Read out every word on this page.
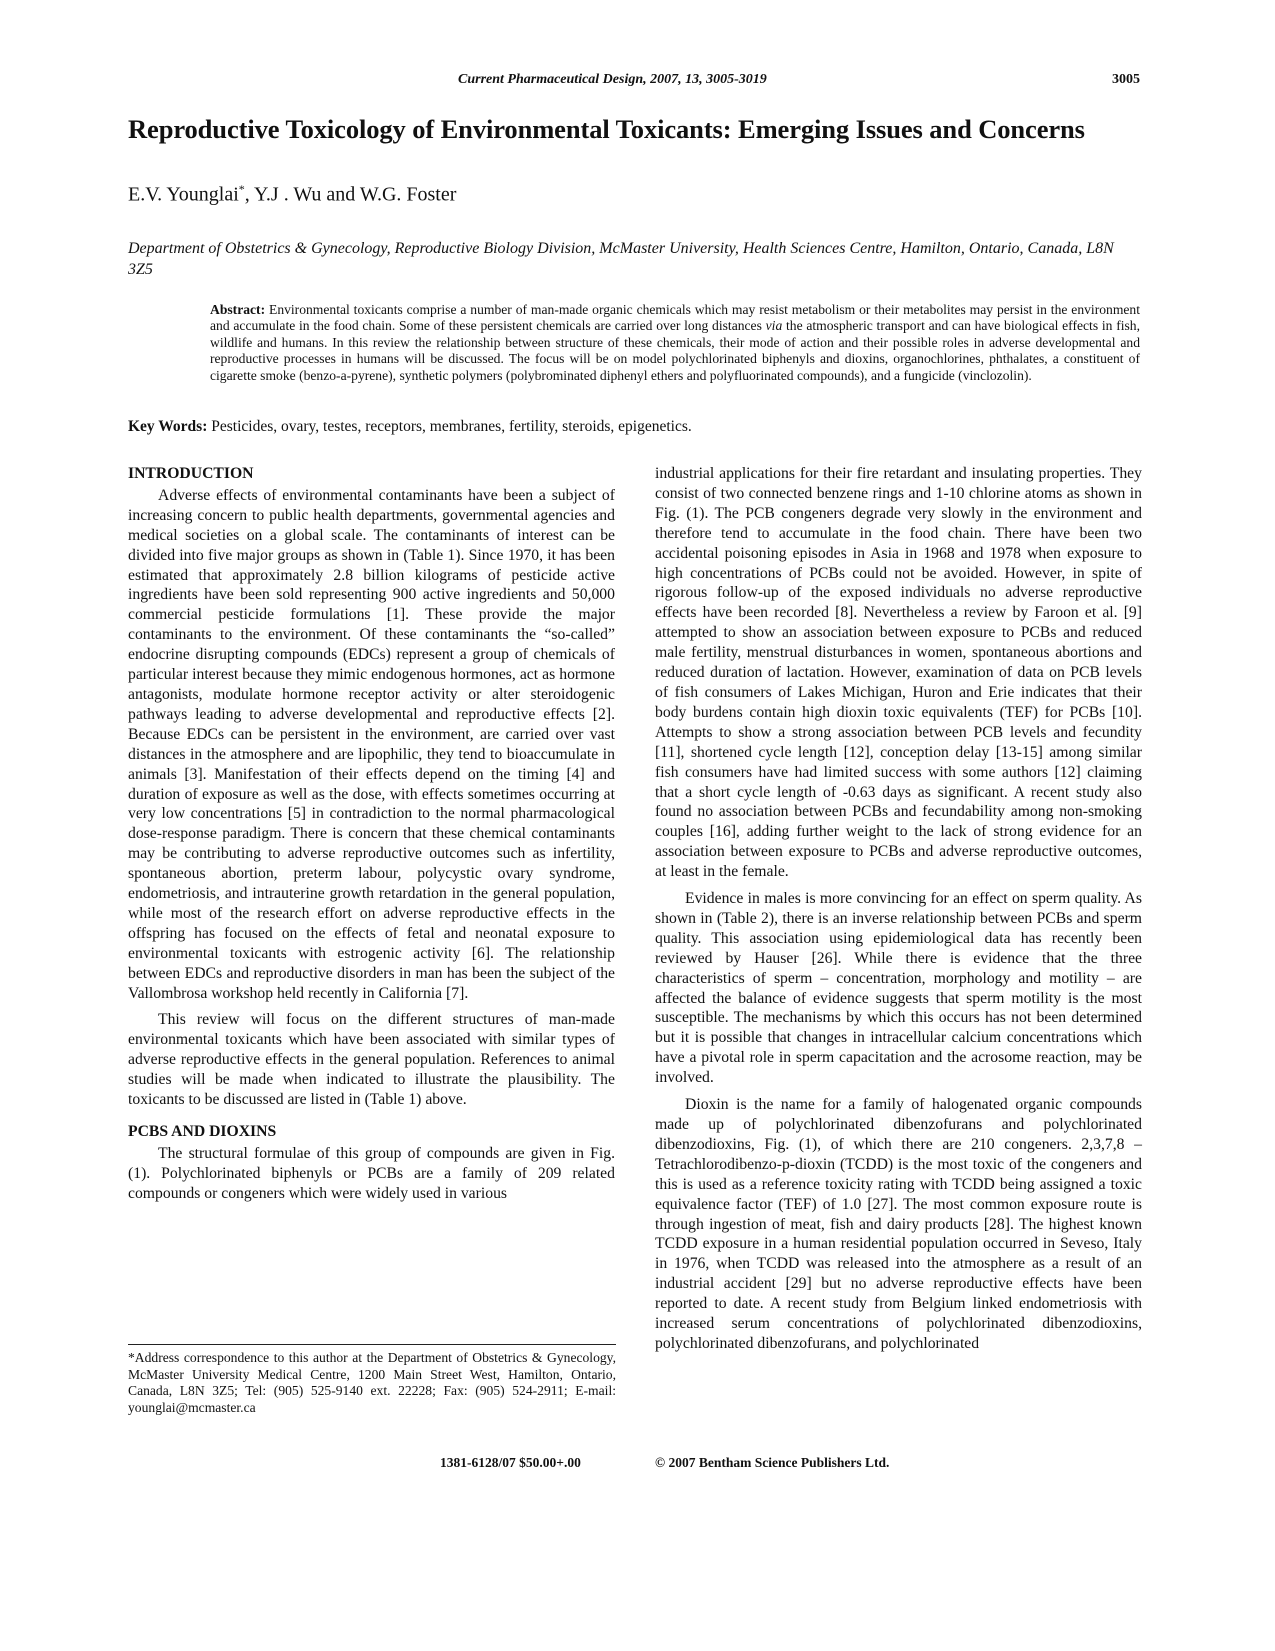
Current Pharmaceutical Design, 2007, 13, 3005-3019	3005
Reproductive Toxicology of Environmental Toxicants: Emerging Issues and Concerns
E.V. Younglai*, Y.J . Wu and W.G. Foster
Department of Obstetrics & Gynecology, Reproductive Biology Division, McMaster University, Health Sciences Centre, Hamilton, Ontario, Canada, L8N 3Z5
Abstract: Environmental toxicants comprise a number of man-made organic chemicals which may resist metabolism or their metabolites may persist in the environment and accumulate in the food chain. Some of these persistent chemicals are carried over long distances via the atmospheric transport and can have biological effects in fish, wildlife and humans. In this review the relationship between structure of these chemicals, their mode of action and their possible roles in adverse developmental and reproductive processes in humans will be discussed. The focus will be on model polychlorinated biphenyls and dioxins, organochlorines, phthalates, a constituent of cigarette smoke (benzo-a-pyrene), synthetic polymers (polybrominated diphenyl ethers and polyfluorinated compounds), and a fungicide (vinclozolin).
Key Words: Pesticides, ovary, testes, receptors, membranes, fertility, steroids, epigenetics.
INTRODUCTION

Adverse effects of environmental contaminants have been a subject of increasing concern to public health departments, governmental agencies and medical societies on a global scale. The contaminants of interest can be divided into five major groups as shown in (Table 1). Since 1970, it has been estimated that approximately 2.8 billion kilograms of pesticide active ingredients have been sold representing 900 active ingredients and 50,000 commercial pesticide formulations [1]. These provide the major contaminants to the environment. Of these contaminants the “so-called” endocrine disrupting compounds (EDCs) represent a group of chemicals of particular interest because they mimic endogenous hormones, act as hormone antagonists, modulate hormone receptor activity or alter steroidogenic pathways leading to adverse developmental and reproductive effects [2]. Because EDCs can be persistent in the environment, are carried over vast distances in the atmosphere and are lipophilic, they tend to bioaccumulate in animals [3]. Manifestation of their effects depend on the timing [4] and duration of exposure as well as the dose, with effects sometimes occurring at very low concentrations [5] in contradiction to the normal pharmacological dose-response paradigm. There is concern that these chemical contaminants may be contributing to adverse reproductive outcomes such as infertility, spontaneous abortion, preterm labour, polycystic ovary syndrome, endometriosis, and intrauterine growth retardation in the general population, while most of the research effort on adverse reproductive effects in the offspring has focused on the effects of fetal and neonatal exposure to environmental toxicants with estrogenic activity [6]. The relationship between EDCs and reproductive disorders in man has been the subject of the Vallombrosa workshop held recently in California [7].

This review will focus on the different structures of man-made environmental toxicants which have been associated with similar types of adverse reproductive effects in the general population. References to animal studies will be made when indicated to illustrate the plausibility. The toxicants to be discussed are listed in (Table 1) above.

PCBS AND DIOXINS

The structural formulae of this group of compounds are given in Fig. (1). Polychlorinated biphenyls or PCBs are a family of 209 related compounds or congeners which were widely used in various

industrial applications for their fire retardant and insulating properties. They consist of two connected benzene rings and 1-10 chlorine atoms as shown in Fig. (1). The PCB congeners degrade very slowly in the environment and therefore tend to accumulate in the food chain. There have been two accidental poisoning episodes in Asia in 1968 and 1978 when exposure to high concentrations of PCBs could not be avoided. However, in spite of rigorous follow-up of the exposed individuals no adverse reproductive effects have been recorded [8]. Nevertheless a review by Faroon et al. [9] attempted to show an association between exposure to PCBs and reduced male fertility, menstrual disturbances in women, spontaneous abortions and reduced duration of lactation. However, examination of data on PCB levels of fish consumers of Lakes Michigan, Huron and Erie indicates that their body burdens contain high dioxin toxic equivalents (TEF) for PCBs [10]. Attempts to show a strong association between PCB levels and fecundity [11], shortened cycle length [12], conception delay [13-15] among similar fish consumers have had limited success with some authors [12] claiming that a short cycle length of -0.63 days as significant. A recent study also found no association between PCBs and fecundability among non-smoking couples [16], adding further weight to the lack of strong evidence for an association between exposure to PCBs and adverse reproductive outcomes, at least in the female.

Evidence in males is more convincing for an effect on sperm quality. As shown in (Table 2), there is an inverse relationship between PCBs and sperm quality. This association using epidemiological data has recently been reviewed by Hauser [26]. While there is evidence that the three characteristics of sperm – concentration, morphology and motility – are affected the balance of evidence suggests that sperm motility is the most susceptible. The mechanisms by which this occurs has not been determined but it is possible that changes in intracellular calcium concentrations which have a pivotal role in sperm capacitation and the acrosome reaction, may be involved.

Dioxin is the name for a family of halogenated organic compounds made up of polychlorinated dibenzofurans and polychlorinated dibenzodioxins, Fig. (1), of which there are 210 congeners. 2,3,7,8 – Tetrachlorodibenzo-p-dioxin (TCDD) is the most toxic of the congeners and this is used as a reference toxicity rating with TCDD being assigned a toxic equivalence factor (TEF) of 1.0 [27]. The most common exposure route is through ingestion of meat, fish and dairy products [28]. The highest known TCDD exposure in a human residential population occurred in Seveso, Italy in 1976, when TCDD was released into the atmosphere as a result of an industrial accident [29] but no adverse reproductive effects have been reported to date. A recent study from Belgium linked endometriosis with increased serum concentrations of polychlorinated dibenzodioxins, polychlorinated dibenzofurans, and polychlorinated

*Address correspondence to this author at the Department of Obstetrics & Gynecology, McMaster University Medical Centre, 1200 Main Street West, Hamilton, Ontario, Canada, L8N 3Z5; Tel: (905) 525-9140 ext. 22228; Fax: (905) 524-2911; E-mail: younglai@mcmaster.ca
1381-6128/07 $50.00+.00	© 2007 Bentham Science Publishers Ltd.
